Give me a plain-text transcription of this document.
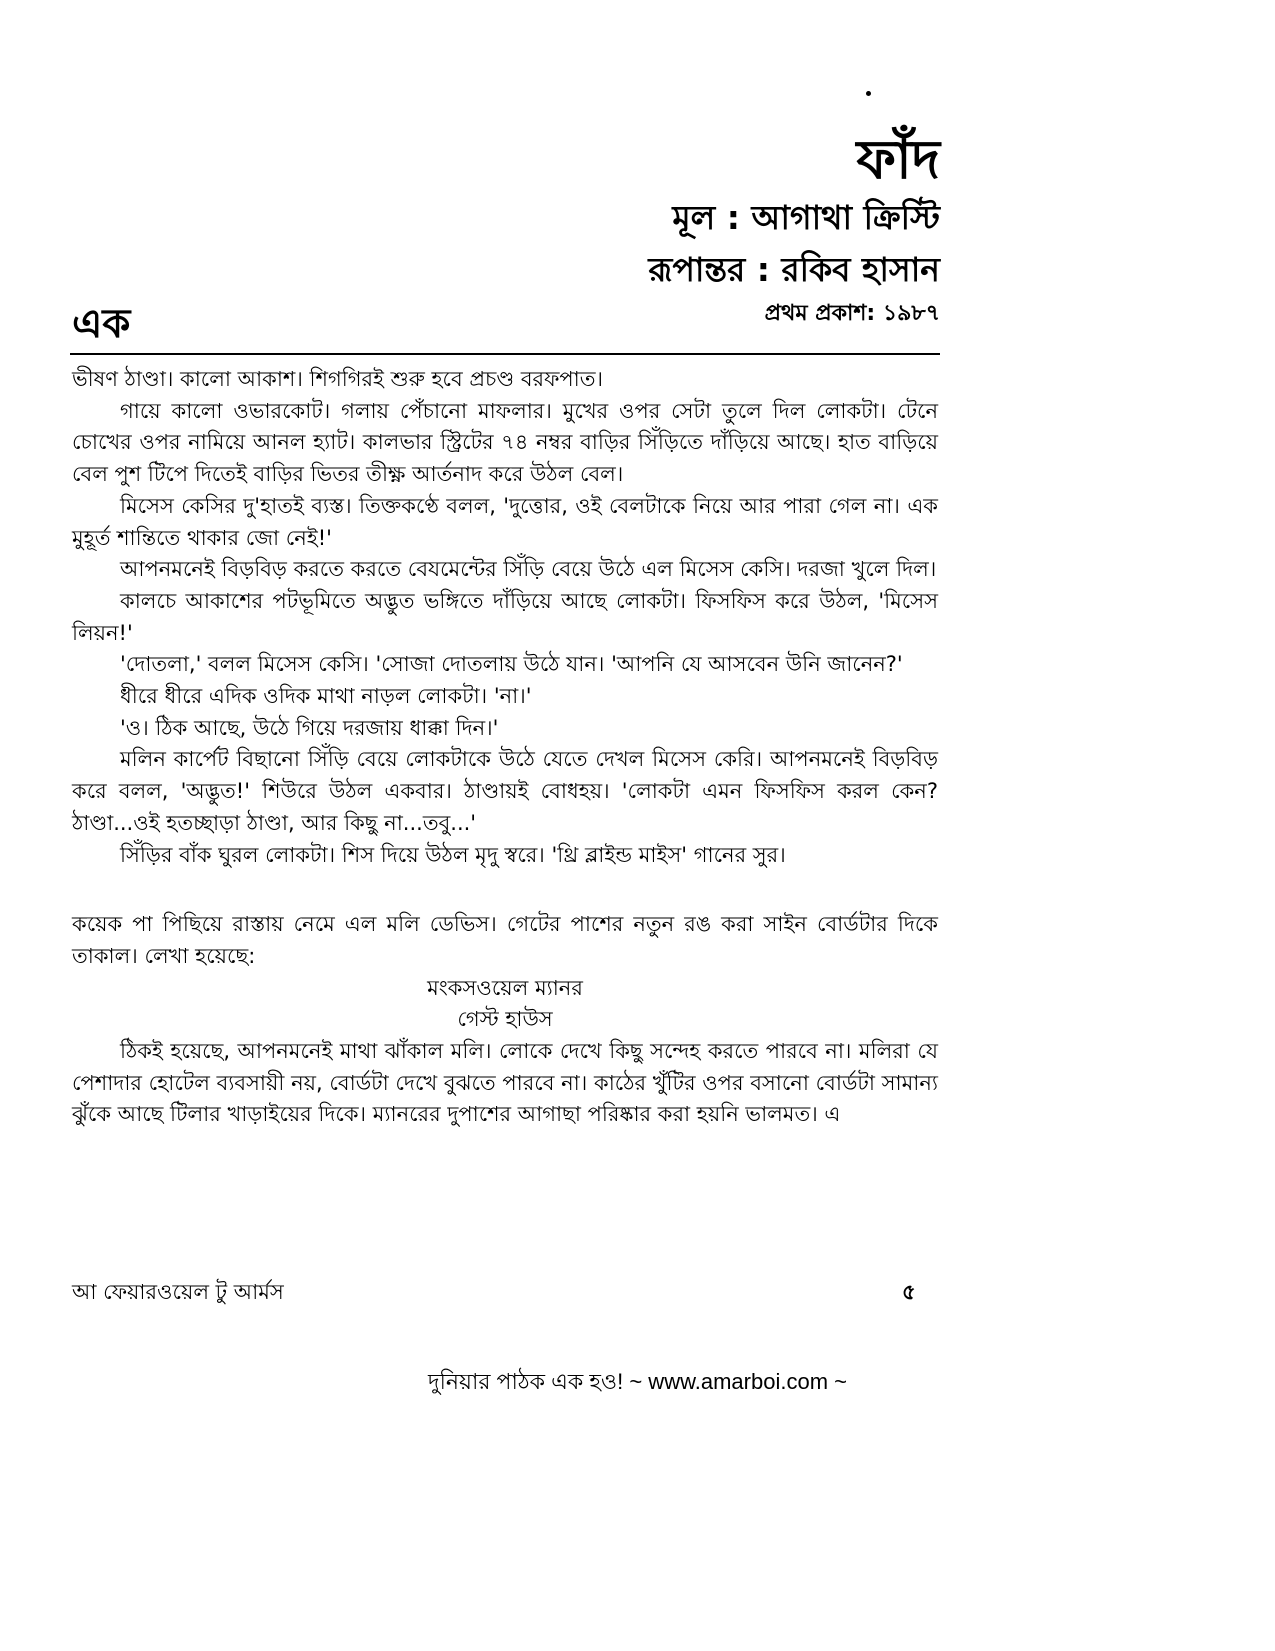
ফাঁদ

মূল : আগাথা ক্রিস্টি

রূপান্তর : রকিব হাসান

প্রথম প্রকাশ: ১৯৮৭

এক

ভীষণ ঠাণ্ডা। কালো আকাশ। শিগগিরই শুরু হবে প্রচণ্ড বরফপাত।

গায়ে কালো ওভারকোট। গলায় পেঁচানো মাফলার। মুখের ওপর সেটা তুলে দিল লোকটা। টেনে চোখের ওপর নামিয়ে আনল হ্যাট। কালভার স্ট্রিটের ৭৪ নম্বর বাড়ির সিঁড়িতে দাঁড়িয়ে আছে। হাত বাড়িয়ে বেল পুশ টিপে দিতেই বাড়ির ভিতর তীক্ষ্ণ আর্তনাদ করে উঠল বেল।

মিসেস কেসির দু'হাতই ব্যস্ত। তিক্তকণ্ঠে বলল, 'দুত্তোর, ওই বেলটাকে নিয়ে আর পারা গেল না। এক মুহূর্ত শান্তিতে থাকার জো নেই!'

আপনমনেই বিড়বিড় করতে করতে বেযমেন্টের সিঁড়ি বেয়ে উঠে এল মিসেস কেসি। দরজা খুলে দিল।

কালচে আকাশের পটভূমিতে অদ্ভুত ভঙ্গিতে দাঁড়িয়ে আছে লোকটা। ফিসফিস করে উঠল, 'মিসেস লিয়ন!'

'দোতলা,' বলল মিসেস কেসি। 'সোজা দোতলায় উঠে যান। 'আপনি যে আসবেন উনি জানেন?'

ধীরে ধীরে এদিক ওদিক মাথা নাড়ল লোকটা। 'না।'

'ও। ঠিক আছে, উঠে গিয়ে দরজায় ধাক্কা দিন।'

মলিন কার্পেট বিছানো সিঁড়ি বেয়ে লোকটাকে উঠে যেতে দেখল মিসেস কেরি। আপনমনেই বিড়বিড় করে বলল, 'অদ্ভুত!' শিউরে উঠল একবার। ঠাণ্ডায়ই বোধহয়। 'লোকটা এমন ফিসফিস করল কেন? ঠাণ্ডা...ওই হতচ্ছাড়া ঠাণ্ডা, আর কিছু না...তবু...'

সিঁড়ির বাঁক ঘুরল লোকটা। শিস দিয়ে উঠল মৃদু স্বরে। 'থ্রি ব্লাইন্ড মাইস' গানের সুর।

কয়েক পা পিছিয়ে রাস্তায় নেমে এল মলি ডেভিস। গেটের পাশের নতুন রঙ করা সাইন বোর্ডটার দিকে তাকাল। লেখা হয়েছে:

মংকসওয়েল ম্যানর

গেস্ট হাউস

ঠিকই হয়েছে, আপনমনেই মাথা ঝাঁকাল মলি। লোকে দেখে কিছু সন্দেহ করতে পারবে না। মলিরা যে পেশাদার হোটেল ব্যবসায়ী নয়, বোর্ডটা দেখে বুঝতে পারবে না। কাঠের খুঁটির ওপর বসানো বোর্ডটা সামান্য ঝুঁকে আছে টিলার খাড়াইয়ের দিকে। ম্যানরের দুপাশের আগাছা পরিষ্কার করা হয়নি ভালমত। এ

আ ফেয়ারওয়েল টু আর্মস	৫
দুনিয়ার পাঠক এক হও! ~ www.amarboi.com ~
